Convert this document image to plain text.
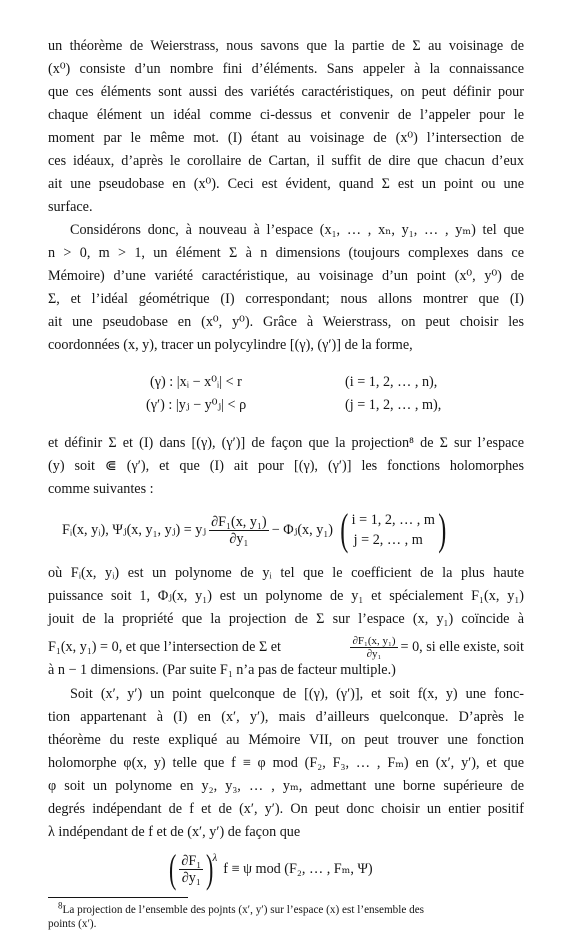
un théorème de Weierstrass, nous savons que la partie de Σ au voisinage de
(x⁰) consiste d’un nombre fini d’éléments. Sans appeler à la connaissance
que ces éléments sont aussi des variétés caractéristiques, on peut définir pour
chaque élément un idéal comme ci-dessus et convenir de l’appeler pour le
moment par le même mot. (I) étant au voisinage de (x⁰) l’intersection de
ces idéaux, d’après le corollaire de Cartan, il suffit de dire que chacun d’eux
ait une pseudobase en (x⁰). Ceci est évident, quand Σ est un point ou une
surface.
Considérons donc, à nouveau à l’espace (x₁, … , xₙ, y₁, … , yₘ) tel que
n > 0, m > 1, un élément Σ à n dimensions (toujours complexes dans ce
Mémoire) d’une variété caractéristique, au voisinage d’un point (x⁰, y⁰) de
Σ, et l’idéal géométrique (I) correspondant; nous allons montrer que (I)
ait une pseudobase en (x⁰, y⁰). Grâce à Weierstrass, on peut choisir les
coordonnées (x, y), tracer un polycylindre [(γ), (γ′)] de la forme,
(γ) : |xᵢ − x⁰ᵢ| < r	(i = 1, 2, … , n),
(γ′) : |yⱼ − y⁰ⱼ| < ρ	(j = 1, 2, … , m),
et définir Σ et (I) dans [(γ), (γ′)] de façon que la projection⁸ de Σ sur l’espace
(y) soit ⋐ (γ′), et que (I) ait pour [(γ), (γ′)] les fonctions holomorphes
comme suivantes :
Fᵢ(x, yᵢ), Ψⱼ(x, y₁, yⱼ) = yⱼ $\frac{\text{∂F₁(x, y₁)}}{\text{∂y₁}}$ − Φⱼ(x, y₁) ( i = 1, 2, … , m
j = 2, … , m )
où Fᵢ(x, yᵢ) est un polynome de yᵢ tel que le coefficient de la plus haute
puissance soit 1, Φⱼ(x, y₁) est un polynome de y₁ et spécialement F₁(x, y₁)
jouit de la propriété que la projection de Σ sur l’espace (x, y₁) coïncide à
F₁(x, y₁) = 0, et que l’intersection de Σ et	$\frac{\text{∂F₁(x, y₁)}}{\text{∂y₁}} = 0$, si elle existe, soit
à n − 1 dimensions. (Par suite F₁ n’a pas de facteur multiple.)
Soit (x′, y′) un point quelconque de [(γ), (γ′)], et soit f(x, y) une fonc-
tion appartenant à (I) en (x′, y′), mais d’ailleurs quelconque. D’après le
théorème du reste expliqué au Mémoire VII, on peut trouver une fonction
holomorphe φ(x, y) telle que f ≡ φ mod (F₂, F₃, … , Fₘ) en (x′, y′), et que
φ soit un polynome en y₂, y₃, … , yₘ, admettant une borne supérieure de
degrés indépendant de f et de (x′, y′). On peut donc choisir un entier positif
λ indépendant de f et de (x′, y′) de façon que
( $\frac{\text{∂F₁}}{\text{∂y₁}}$ )
λ
f ≡ ψ mod (F₂, … , Fₘ, Ψ)
$^8$La projection de l’ensemble des pojnts (x′, y′) sur l’espace (x) est l’ensemble des
points (x′).
